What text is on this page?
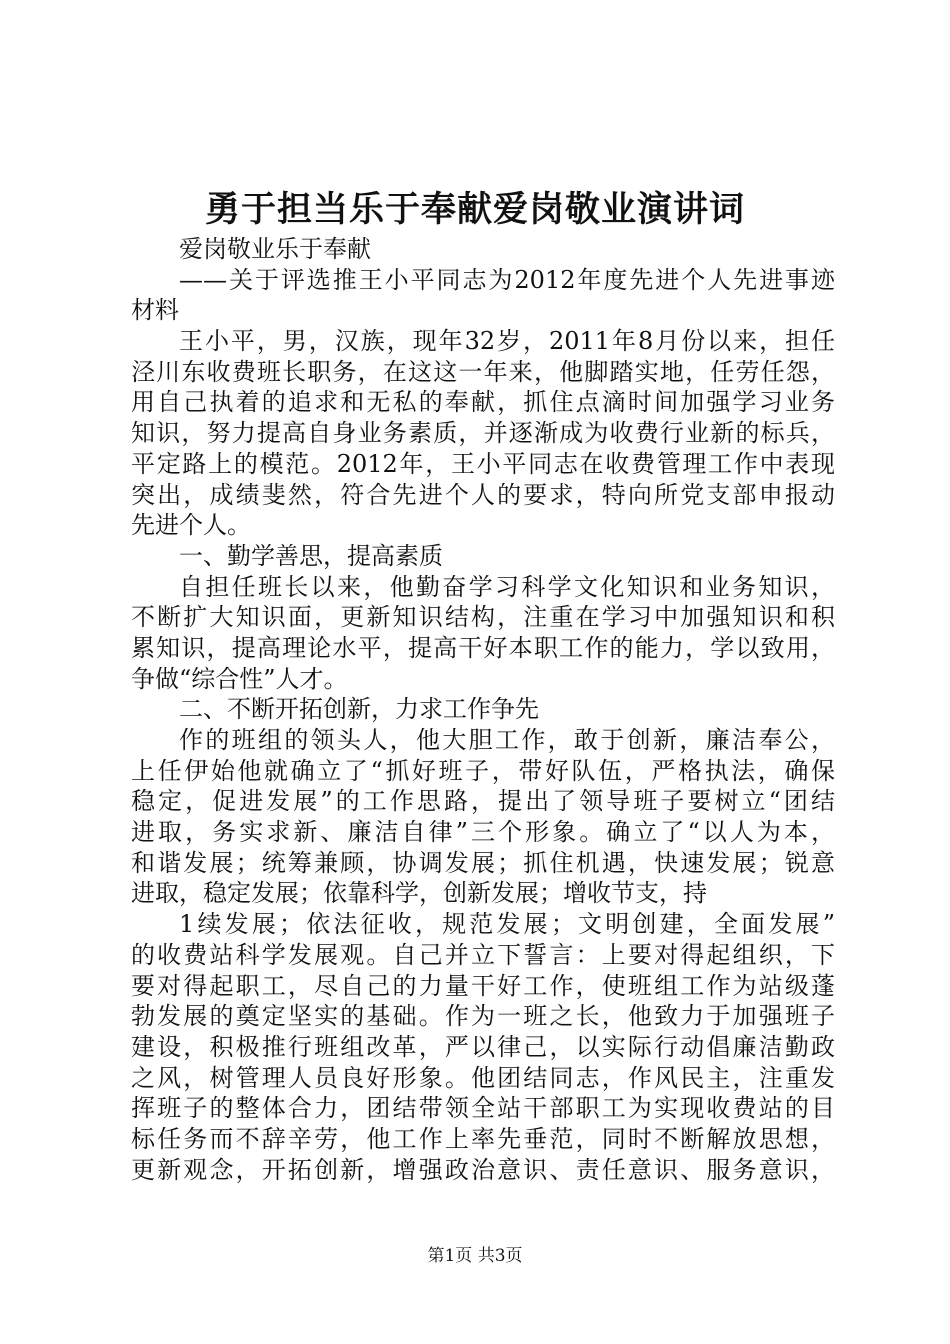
勇于担当乐于奉献爱岗敬业演讲词
爱岗敬业乐于奉献
——关于评选推王小平同志为2012年度先进个人先进事迹
材料
王小平，男，汉族，现年32岁，2011年8月份以来，担任
泾川东收费班长职务，在这这一年来，他脚踏实地，任劳任怨，
用自己执着的追求和无私的奉献，抓住点滴时间加强学习业务
知识，努力提高自身业务素质，并逐渐成为收费行业新的标兵，
平定路上的模范。2012年，王小平同志在收费管理工作中表现
突出，成绩斐然，符合先进个人的要求，特向所党支部申报动
先进个人。
一、勤学善思，提高素质
自担任班长以来，他勤奋学习科学文化知识和业务知识，
不断扩大知识面，更新知识结构，注重在学习中加强知识和积
累知识，提高理论水平，提高干好本职工作的能力，学以致用，
争做“综合性”人才。
二、不断开拓创新，力求工作争先
作的班组的领头人，他大胆工作，敢于创新，廉洁奉公，
上任伊始他就确立了“抓好班子，带好队伍，严格执法，确保
稳定，促进发展”的工作思路，提出了领导班子要树立“团结
进取，务实求新、廉洁自律”三个形象。确立了“以人为本，
和谐发展；统筹兼顾，协调发展；抓住机遇，快速发展；锐意
进取，稳定发展；依靠科学，创新发展；增收节支，持
1续发展；依法征收，规范发展；文明创建，全面发展”
的收费站科学发展观。自己并立下誓言：上要对得起组织，下
要对得起职工，尽自己的力量干好工作，使班组工作为站级蓬
勃发展的奠定坚实的基础。作为一班之长，他致力于加强班子
建设，积极推行班组改革，严以律己，以实际行动倡廉洁勤政
之风，树管理人员良好形象。他团结同志，作风民主，注重发
挥班子的整体合力，团结带领全站干部职工为实现收费站的目
标任务而不辞辛劳，他工作上率先垂范，同时不断解放思想，
更新观念，开拓创新，增强政治意识、责任意识、服务意识，
第1页 共3页
